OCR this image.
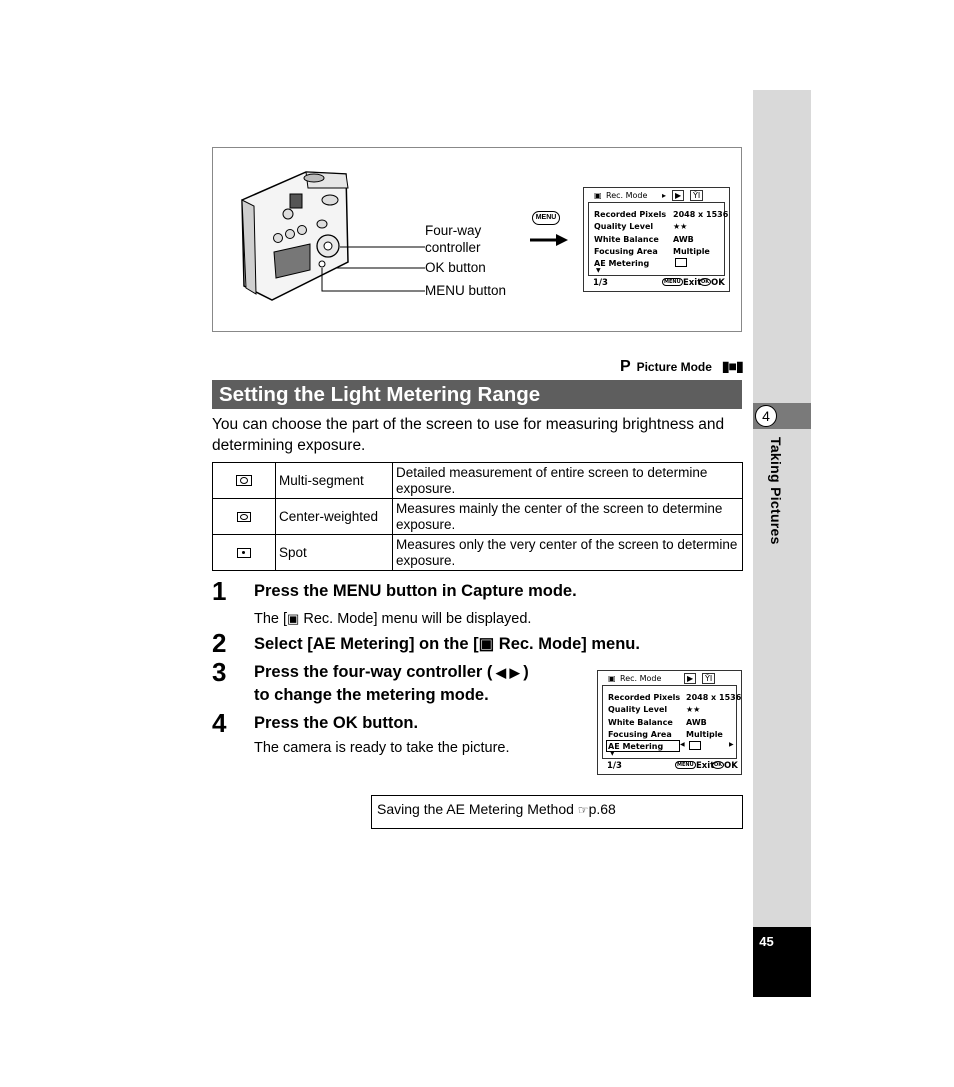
4
Taking Pictures
45
Four-way
controller
OK button
MENU button
MENU
▣ Rec. Mode ▸	▶	Y̆I
Recorded Pixels 2048 x 1536
Quality Level ★★
White Balance AWB
Focusing Area Multiple
AE Metering
▼
1/3	MENU Exit OK OK
P Picture Mode ▮■▮
Setting the Light Metering Range
You can choose the part of the screen to use for measuring brightness and determining exposure.
	Multi-segment	Detailed measurement of entire screen to determine exposure.

	Center-weighted	Measures mainly the center of the screen to determine exposure.

	Spot	Measures only the very center of the screen to determine exposure.
1 Press the MENU button in Capture mode.
The [▣ Rec. Mode] menu will be displayed.
2 Select [AE Metering] on the [▣ Rec. Mode] menu.
3 Press the four-way controller ( ◀ ▶ )
to change the metering mode.
4 Press the OK button.
The camera is ready to take the picture.
▣ Rec. Mode	▶	Y̆I
Recorded Pixels 2048 x 1536
Quality Level ★★
White Balance AWB
Focusing Area Multiple
AE Metering	◀	▶
▼
1/3	MENU Exit OK OK
Saving the AE Metering Method ☞p.68
